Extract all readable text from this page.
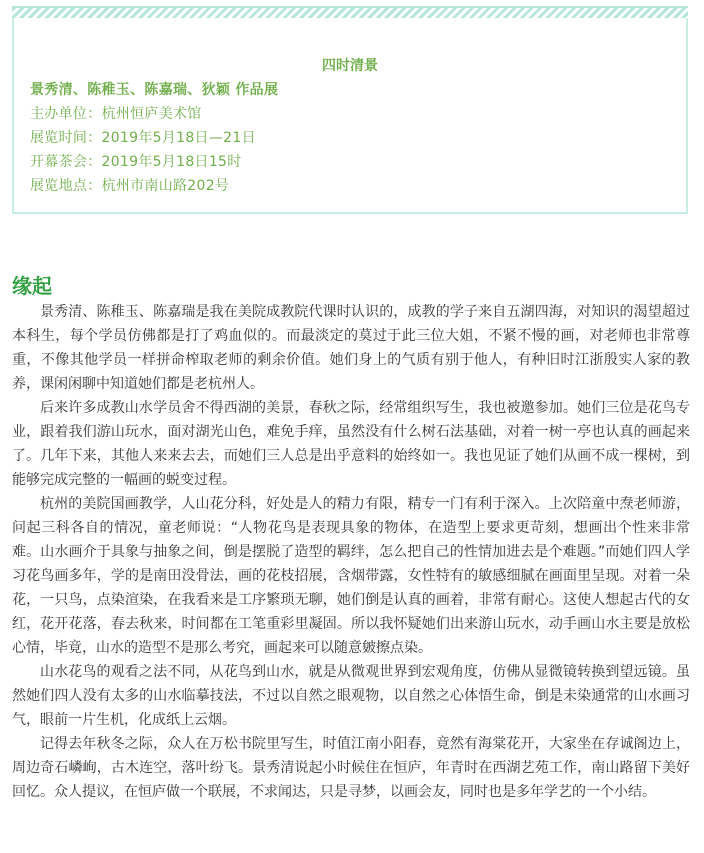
四时清景
景秀清、陈稚玉、陈嘉瑞、狄颖 作品展
主办单位：杭州恒庐美术馆
展览时间：2019年5月18日—21日
开幕茶会：2019年5月18日15时
展览地点：杭州市南山路202号
缘起

景秀清、陈稚玉、陈嘉瑞是我在美院成教院代课时认识的，成教的学子来自五湖四海，对知识的渴望超过本科生，每个学员仿佛都是打了鸡血似的。而最淡定的莫过于此三位大姐，不紧不慢的画，对老师也非常尊重，不像其他学员一样拼命榨取老师的剩余价值。她们身上的气质有别于他人，有种旧时江浙殷实人家的教养，课闲闲聊中知道她们都是老杭州人。

后来许多成教山水学员舍不得西湖的美景，春秋之际，经常组织写生，我也被邀参加。她们三位是花鸟专业，跟着我们游山玩水，面对湖光山色，难免手痒，虽然没有什么树石法基础，对着一树一亭也认真的画起来了。几年下来，其他人来来去去，而她们三人总是出乎意料的始终如一。我也见证了她们从画不成一棵树，到能够完成完整的一幅画的蜕变过程。

杭州的美院国画教学，人山花分科，好处是人的精力有限，精专一门有利于深入。上次陪童中焘老师游，问起三科各自的情况，童老师说：“人物花鸟是表现具象的物体，在造型上要求更苛刻，想画出个性来非常难。山水画介于具象与抽象之间，倒是摆脱了造型的羁绊，怎么把自己的性情加进去是个难题。”而她们四人学习花鸟画多年，学的是南田没骨法，画的花枝招展，含烟带露，女性特有的敏感细腻在画面里呈现。对着一朵花，一只鸟，点染渲染，在我看来是工序繁琐无聊，她们倒是认真的画着，非常有耐心。这使人想起古代的女红，花开花落，春去秋来，时间都在工笔重彩里凝固。所以我怀疑她们出来游山玩水，动手画山水主要是放松心情，毕竟，山水的造型不是那么考究，画起来可以随意皴擦点染。

山水花鸟的观看之法不同，从花鸟到山水，就是从微观世界到宏观角度，仿佛从显微镜转换到望远镜。虽然她们四人没有太多的山水临摹技法，不过以自然之眼观物，以自然之心体悟生命，倒是未染通常的山水画习气，眼前一片生机，化成纸上云烟。

记得去年秋冬之际，众人在万松书院里写生，时值江南小阳春，竟然有海棠花开，大家坐在存诚阁边上，周边奇石嶙峋，古木连空，落叶纷飞。景秀清说起小时候住在恒庐，年青时在西湖艺苑工作，南山路留下美好回忆。众人提议，在恒庐做一个联展，不求闻达，只是寻梦，以画会友，同时也是多年学艺的一个小结。
